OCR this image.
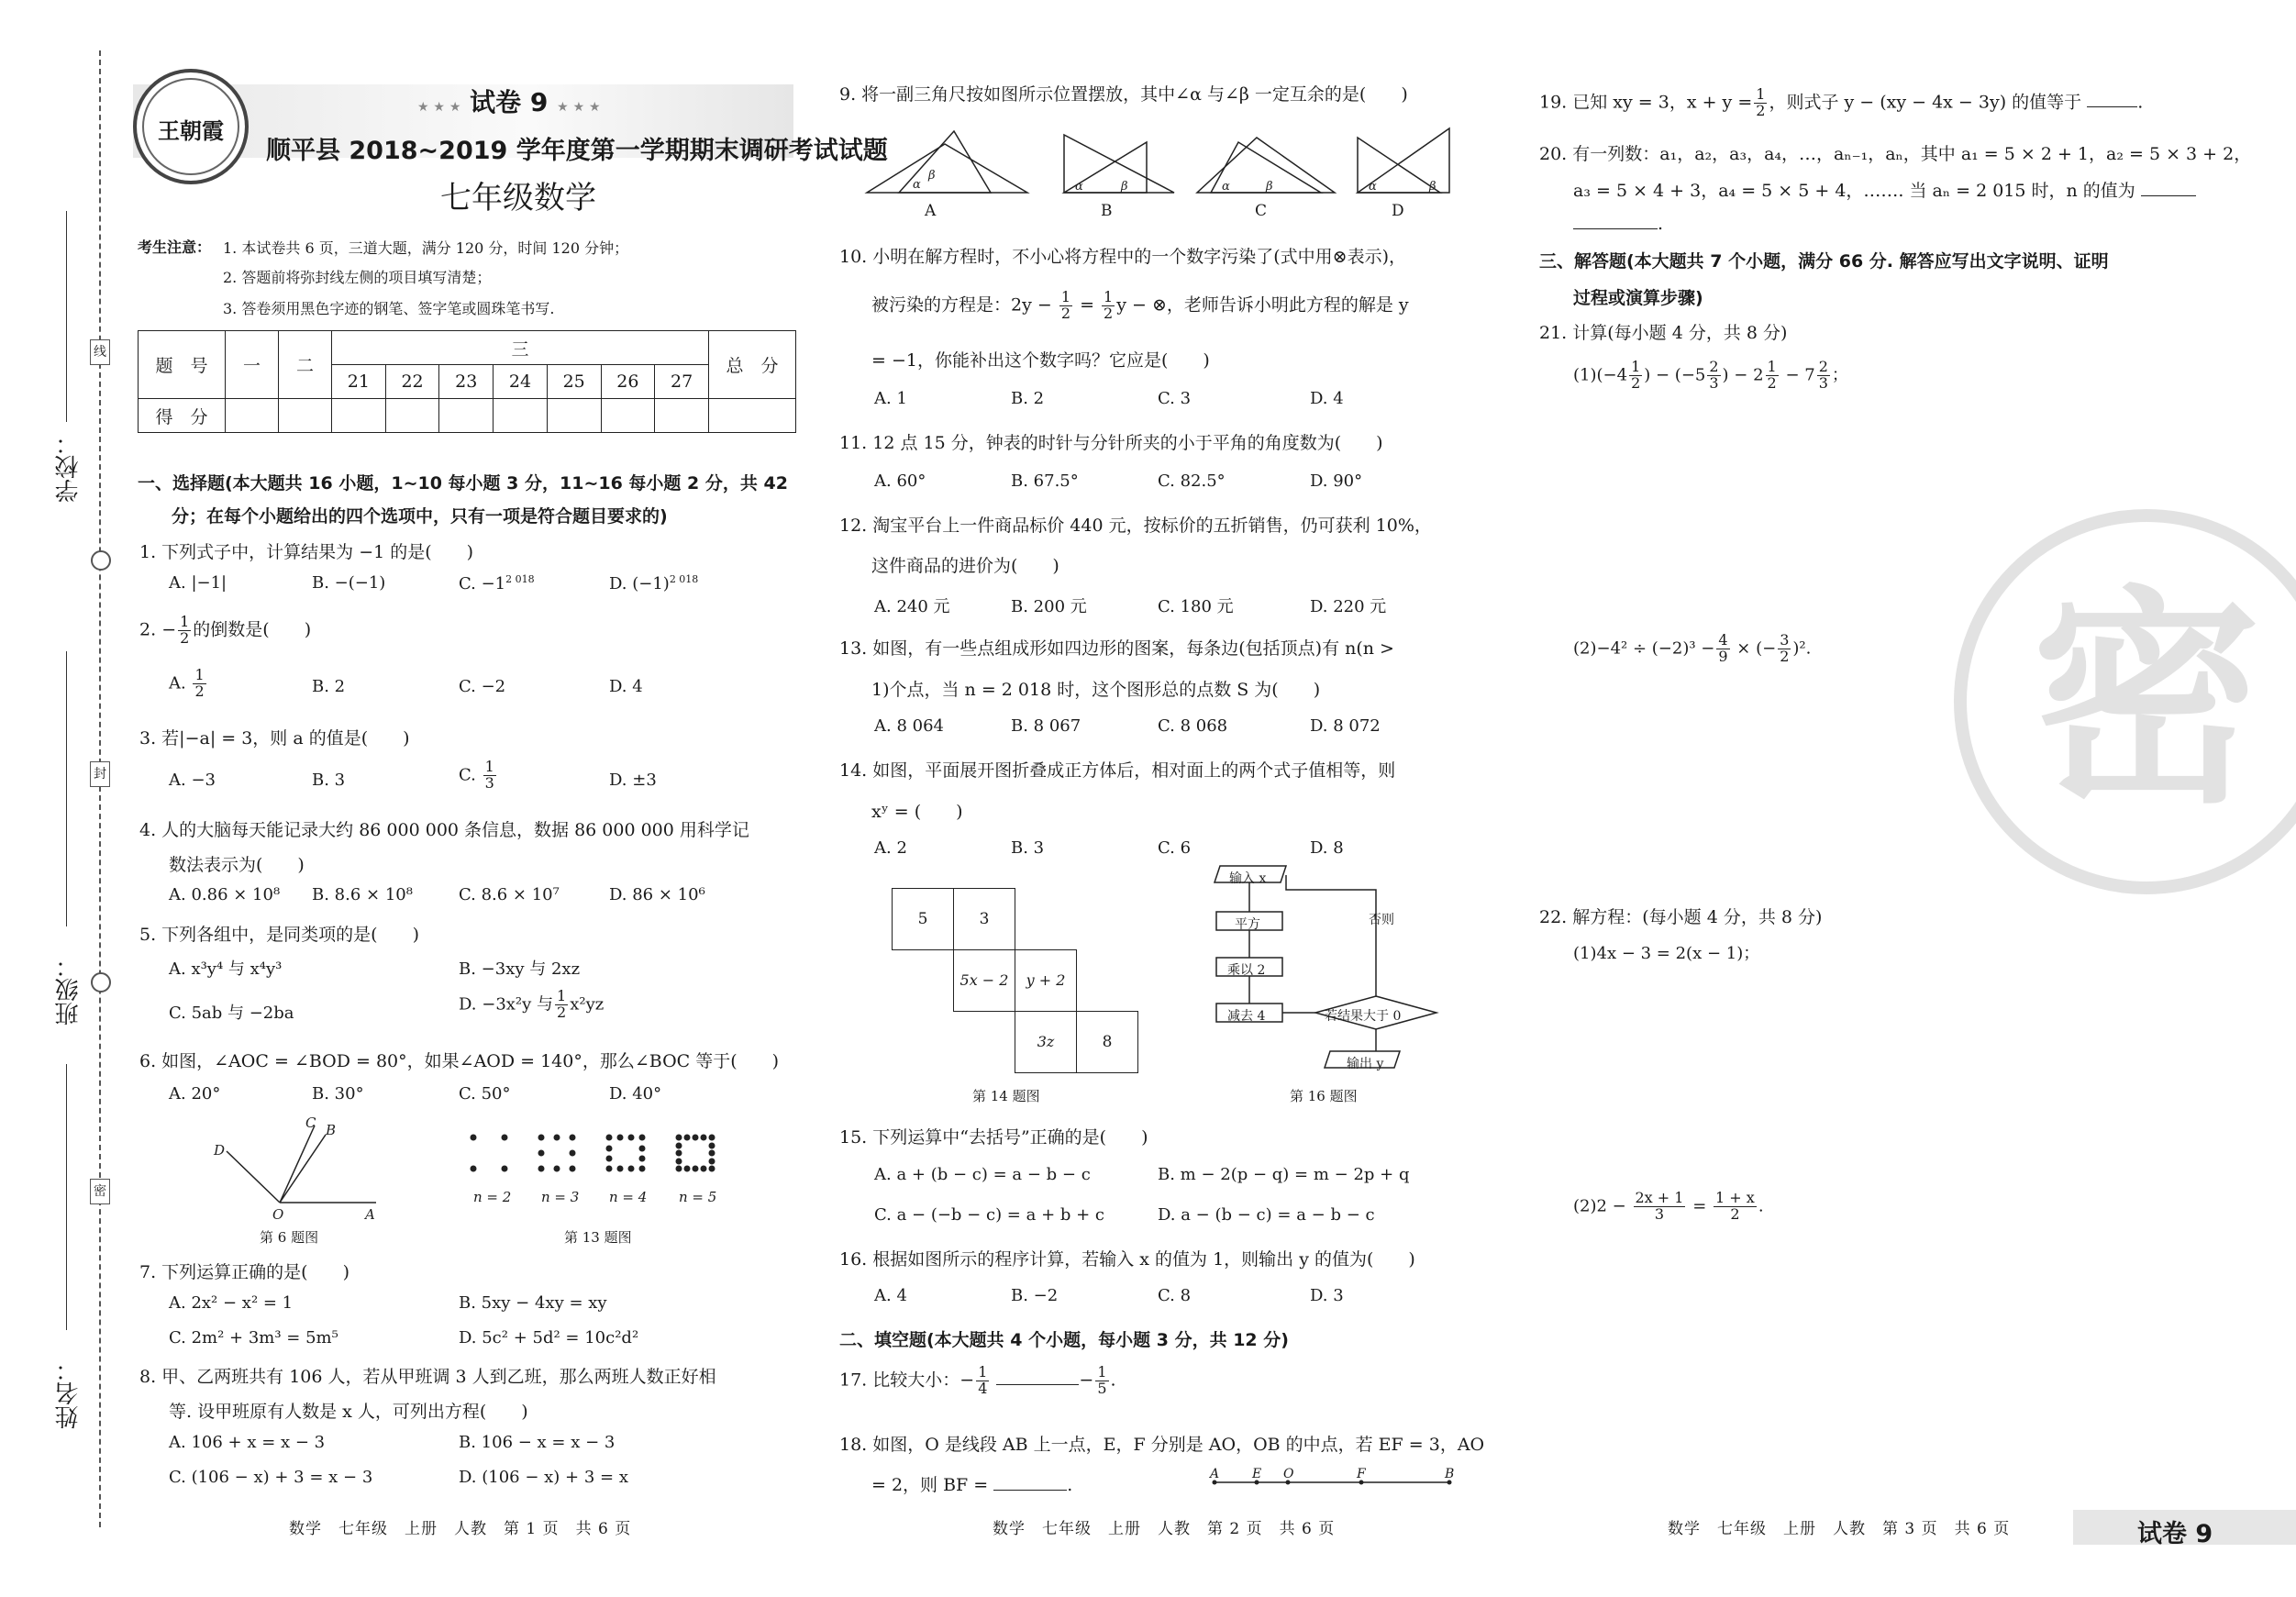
学校：
班级：
姓名：
线
封
密
王朝霞
★ ★ ★ 试卷 9 ★ ★ ★
顺平县 2018~2019 学年度第一学期期末调研考试试题
七年级数学
考生注意： 1. 本试卷共 6 页，三道大题，满分 120 分，时间 120 分钟；
2. 答题前将弥封线左侧的项目填写清楚；
3. 答卷须用黑色字迹的钢笔、签字笔或圆珠笔书写.
题　号	一	二	三							总　分
			21	22	23	24	25	26	27	
得　分										
一、选择题(本大题共 16 小题，1~10 每小题 3 分，11~16 每小题 2 分，共 42
分；在每个小题给出的四个选项中，只有一项是符合题目要求的)
1. 下列式子中，计算结果为 −1 的是(　　)
A. |−1|	B. −(−1)	C. $-1^{2 018}$	D. $(-1)^{2 018}$
2. − $\frac{1}{2}$ 的倒数是(　　)
A. $\frac{1}{2}$	B. 2	C. −2	D. 4
3. 若|−a| = 3，则 a 的值是(　　)
A. −3	B. 3	C. $\frac{1}{3}$	D. ±3
4. 人的大脑每天能记录大约 86 000 000 条信息，数据 86 000 000 用科学记
数法表示为(　　)
A. 0.86 × 10⁸ B. 8.6 × 10⁸	C. 8.6 × 10⁷	D. 86 × 10⁶
5. 下列各组中，是同类项的是(　　)
A. x³y⁴ 与 x⁴y³	B. −3xy 与 2xz
C. 5ab 与 −2ba	D. −3x²y 与 $\frac{1}{2} x^2yz$
6. 如图，∠AOC = ∠BOD = 80°，如果∠AOD = 140°，那么∠BOC 等于(　　)
A. 20°	B. 30°	C. 50°	D. 40°
O	A
C B
D
第 6 题图
n = 2 n = 3 n = 4 n = 5
第 13 题图
7. 下列运算正确的是(　　)
A. 2x² − x² = 1	B. 5xy − 4xy = xy
C. 2m² + 3m³ = 5m⁵	D. 5c² + 5d² = 10c²d²
8. 甲、乙两班共有 106 人，若从甲班调 3 人到乙班，那么两班人数正好相
等. 设甲班原有人数是 x 人，可列出方程(　　)
A. 106 + x = x − 3	B. 106 − x = x − 3
C. (106 − x) + 3 = x − 3	D. (106 − x) + 3 = x
数学　七年级　上册　人教　第 1 页　共 6 页
9. 将一副三角尺按如图所示位置摆放，其中∠α 与∠β 一定互余的是(　　)
α
β
α	β	α	β	α	β
A	B	C	D
10. 小明在解方程时，不小心将方程中的一个数字污染了(式中用⊗表示)，
被污染的方程是：$2y - \frac{1}{2} = \frac{1}{2}$ y − ⊗，老师告诉小明此方程的解是 y
= −1，你能补出这个数字吗？它应是(　　)
A. 1	B. 2	C. 3	D. 4
11. 12 点 15 分，钟表的时针与分针所夹的小于平角的角度数为(　　)
A. 60°	B. 67.5°	C. 82.5°	D. 90°
12. 淘宝平台上一件商品标价 440 元，按标价的五折销售，仍可获利 10%，
这件商品的进价为(　　)
A. 240 元	B. 200 元	C. 180 元	D. 220 元
13. 如图，有一些点组成形如四边形的图案，每条边(包括顶点)有 n(n >
1)个点，当 n = 2 018 时，这个图形总的点数 S 为(　　)
A. 8 064	B. 8 067	C. 8 068	D. 8 072
14. 如图，平面展开图折叠成正方体后，相对面上的两个式子值相等，则
xʸ = (　　)
A. 2	B. 3	C. 6	D. 8
5	3
5x − 2	y + 2
3z	8
第 14 题图
输入 x
平方
乘以 2
减去 4	若结果大于 0
输出 y
否则
第 16 题图
15. 下列运算中“去括号”正确的是(　　)
A. a + (b − c) = a − b − c	B. m − 2(p − q) = m − 2p + q
C. a − (−b − c) = a + b + c	D. a − (b − c) = a − b − c
16. 根据如图所示的程序计算，若输入 x 的值为 1，则输出 y 的值为(　　)
A. 4	B. −2	C. 8	D. 3
二、填空题(本大题共 4 个小题，每小题 3 分，共 12 分)
17. 比较大小：− $\frac{1}{4}$	− $\frac{1}{5}$ .
18. 如图，O 是线段 AB 上一点，E，F 分别是 AO，OB 的中点，若 EF = 3，AO
= 2，则 BF =	.
A	E O	F	B
数学　七年级　上册　人教　第 2 页　共 6 页
密
19. 已知 xy = 3，$x + y = \frac{1}{2}$ ，则式子 y − (xy − 4x − 3y) 的值等于	.
20. 有一列数：a₁，a₂，a₃，a₄，…，aₙ₋₁，aₙ，其中 a₁ = 5 × 2 + 1，a₂ = 5 × 3 + 2，
a₃ = 5 × 4 + 3，a₄ = 5 × 5 + 4，……. 当 aₙ = 2 015 时，n 的值为
.
三、解答题(本大题共 7 个小题，满分 66 分. 解答应写出文字说明、证明
过程或演算步骤)
21. 计算(每小题 4 分，共 8 分)
$(1)(-4 \frac{1}{2}$ ) − ($-5 \frac{2}{3}$ ) − $2 \frac{1}{2} - 7 \frac{2}{3}$ ；
$(2)-4^2 \div (-2)^3 - \frac{4}{9}$ × (− $\frac{3}{2} )^2$.
22. 解方程：(每小题 4 分，共 8 分)
(1)4x − 3 = 2(x − 1)；
$(2)2 - \frac{2x + 1}{3} = \frac{1 + x}{2}$ .
数学　七年级　上册　人教　第 3 页　共 6 页	试卷 9
